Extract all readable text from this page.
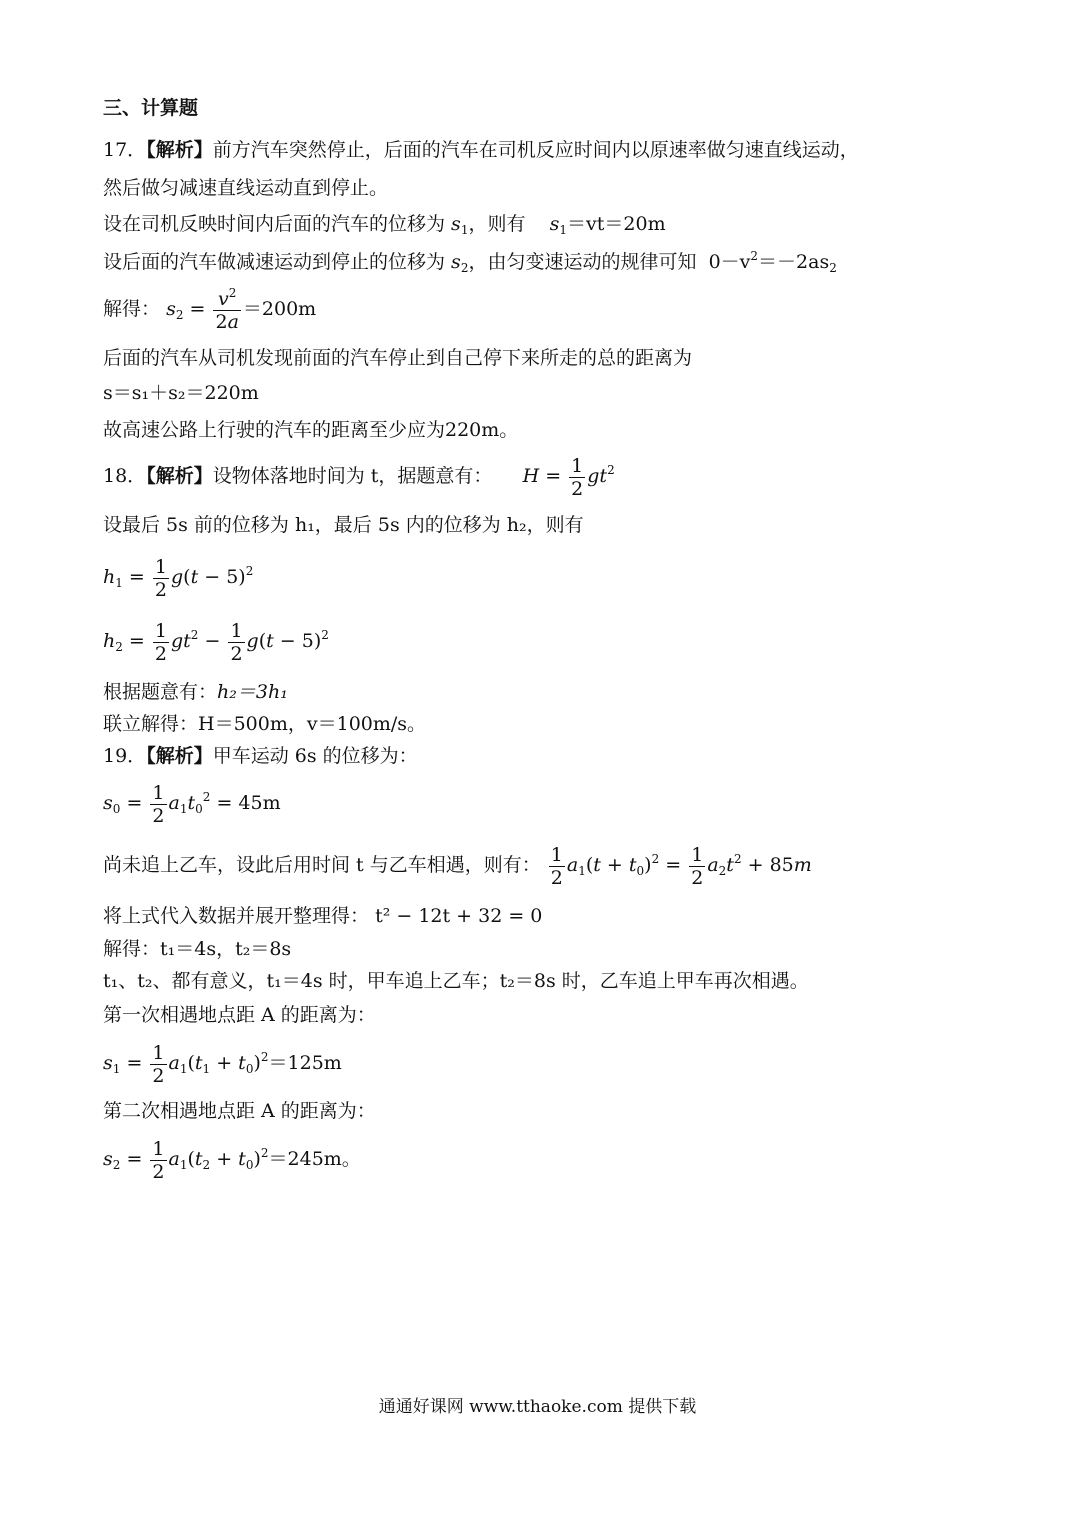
三、计算题
17．【解析】前方汽车突然停止，后面的汽车在司机反应时间内以原速率做匀速直线运动，
然后做匀减速直线运动直到停止。
设在司机反映时间内后面的汽车的位移为 $s_1$，则有 $s_1=vt=20m$
设后面的汽车做减速运动到停止的位移为 $s_2$，由匀变速运动的规律可知 $0-v^2=-2as_2$
解得： $s_2 = \frac{v^2}{2a} =200m$
后面的汽车从司机发现前面的汽车停止到自己停下来所走的总的距离为
s＝s₁＋s₂＝220m
故高速公路上行驶的汽车的距离至少应为220m。
18．【解析】设物体落地时间为 t，据题意有： $H = \frac{1}{2} gt^2$
设最后 5s 前的位移为 h₁，最后 5s 内的位移为 h₂，则有
$h_1 = \frac{1}{2} g(t - 5)^2$
$h_2 = \frac{1}{2} gt^2 - \frac{1}{2} g(t - 5)^2$
根据题意有：h₂＝3h₁
联立解得：H＝500m，v＝100m/s。
19．【解析】甲车运动 6s 的位移为：
$s_0 = \frac{1}{2} a_1t_0^2 = 45m$
尚未追上乙车，设此后用时间 t 与乙车相遇，则有： $\frac{1}{2} a_1(t + t_0)^2 = \frac{1}{2} a_2t^2 + 85m$
将上式代入数据并展开整理得： t² − 12t + 32 = 0
解得：t₁＝4s，t₂＝8s
t₁、t₂、都有意义，t₁＝4s 时，甲车追上乙车；t₂＝8s 时，乙车追上甲车再次相遇。
第一次相遇地点距 A 的距离为：
$s_1 = \frac{1}{2} a_1(t_1 + t_0)^2=125m$
第二次相遇地点距 A 的距离为：
$s_2 = \frac{1}{2} a_1(t_2 + t_0)^2=245m$。
通通好课网 www.tthaoke.com 提供下载
